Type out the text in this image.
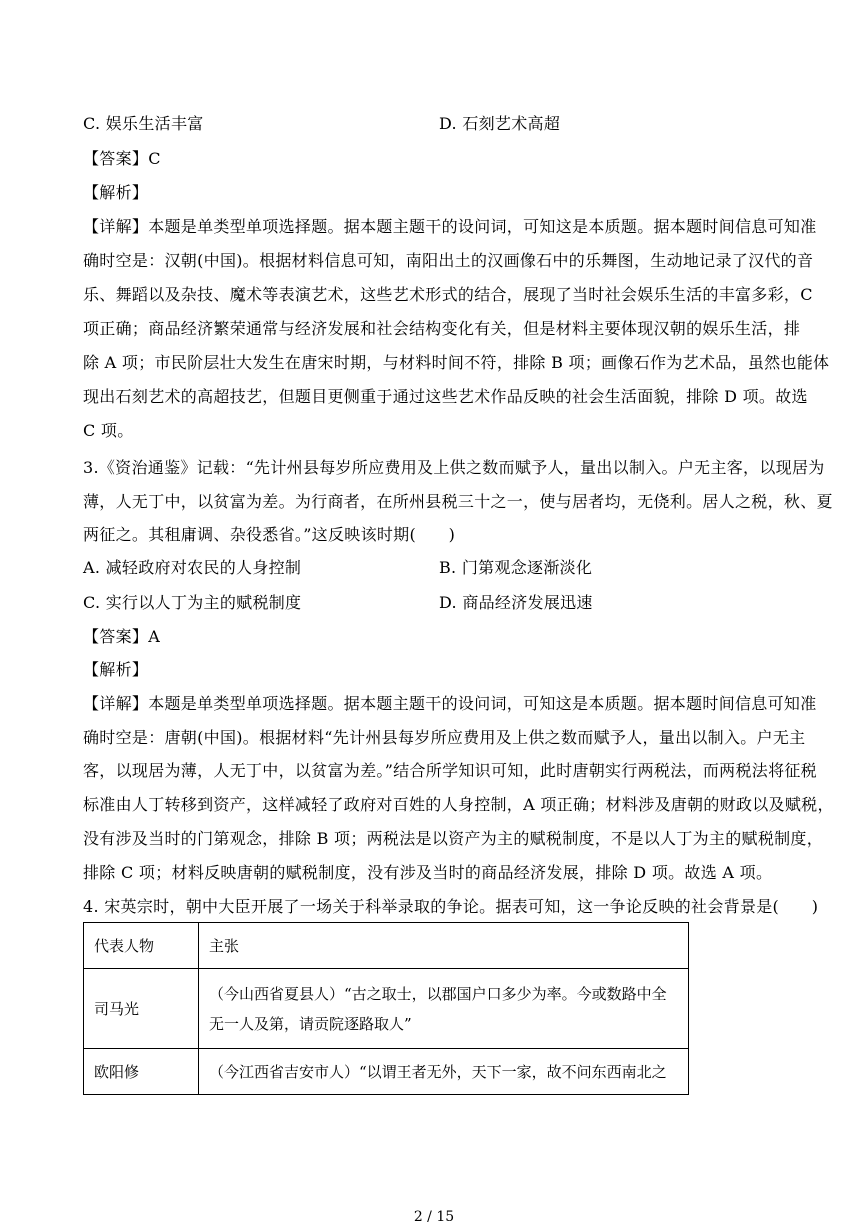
C. 娱乐生活丰富	D. 石刻艺术高超
【答案】C
【解析】
【详解】本题是单类型单项选择题。据本题主题干的设问词，可知这是本质题。据本题时间信息可知准
确时空是：汉朝(中国)。根据材料信息可知，南阳出土的汉画像石中的乐舞图，生动地记录了汉代的音
乐、舞蹈以及杂技、魔术等表演艺术，这些艺术形式的结合，展现了当时社会娱乐生活的丰富多彩，C
项正确；商品经济繁荣通常与经济发展和社会结构变化有关，但是材料主要体现汉朝的娱乐生活，排
除 A 项；市民阶层壮大发生在唐宋时期，与材料时间不符，排除 B 项；画像石作为艺术品，虽然也能体
现出石刻艺术的高超技艺，但题目更侧重于通过这些艺术作品反映的社会生活面貌，排除 D 项。故选
C 项。
3.《资治通鉴》记载：“先计州县每岁所应费用及上供之数而赋予人，量出以制入。户无主客，以现居为
薄，人无丁中，以贫富为差。为行商者，在所州县税三十之一，使与居者均，无侥利。居人之税，秋、夏
两征之。其租庸调、杂役悉省。”这反映该时期(　　)
A. 减轻政府对农民的人身控制	B. 门第观念逐渐淡化
C. 实行以人丁为主的赋税制度	D. 商品经济发展迅速
【答案】A
【解析】
【详解】本题是单类型单项选择题。据本题主题干的设问词，可知这是本质题。据本题时间信息可知准
确时空是：唐朝(中国)。根据材料“先计州县每岁所应费用及上供之数而赋予人，量出以制入。户无主
客，以现居为薄，人无丁中，以贫富为差。”结合所学知识可知，此时唐朝实行两税法，而两税法将征税
标准由人丁转移到资产，这样减轻了政府对百姓的人身控制，A 项正确；材料涉及唐朝的财政以及赋税，
没有涉及当时的门第观念，排除 B 项；两税法是以资产为主的赋税制度，不是以人丁为主的赋税制度，
排除 C 项；材料反映唐朝的赋税制度，没有涉及当时的商品经济发展，排除 D 项。故选 A 项。
4. 宋英宗时，朝中大臣开展了一场关于科举录取的争论。据表可知，这一争论反映的社会背景是(　　)
代表人物	主张
司马光	（今山西省夏县人）“古之取士，以郡国户口多少为率。今或数路中全无一人及第，请贡院逐路取人”

欧阳修	（今江西省吉安市人）“以谓王者无外，天下一家，故不问东西南北之
2 / 15
